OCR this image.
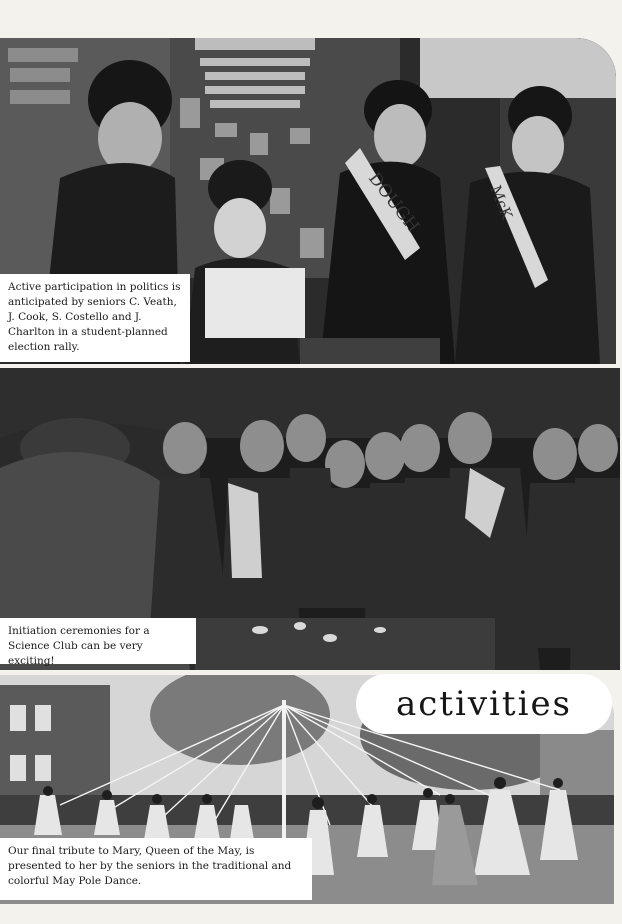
DOUGH	McK
Active participation in politics is anticipated by seniors C. Veath, J. Cook, S. Costello and J. Charlton in a student-planned election rally.
Initiation ceremonies for a Science Club can be very exciting!
Our final tribute to Mary, Queen of the May, is presented to her by the seniors in the traditional and colorful May Pole Dance.
activities
